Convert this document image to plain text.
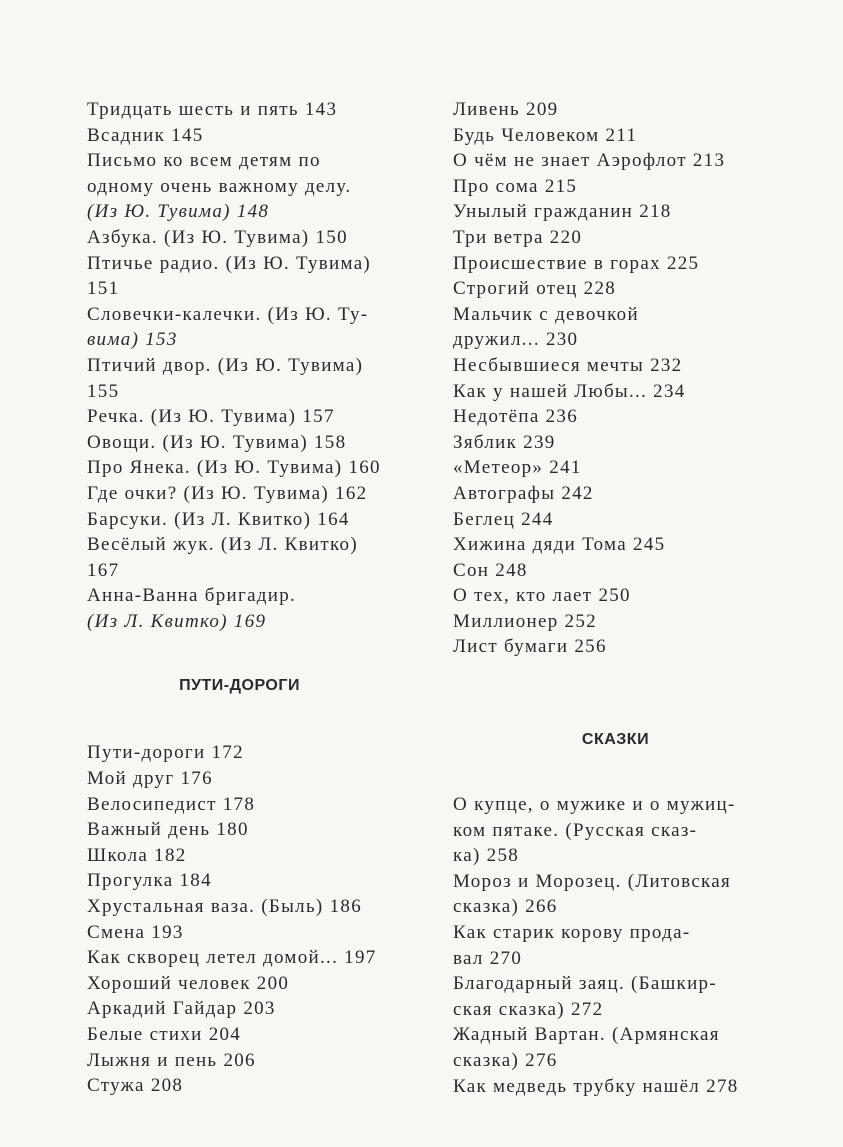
Тридцать шесть и пять 143
Всадник 145
Письмо ко всем детям по
одному очень важному делу.
(Из Ю. Тувима) 148
Азбука. (Из Ю. Тувима) 150
Птичье радио. (Из Ю. Тувима)
151
Словечки-калечки. (Из Ю. Ту-
вима) 153
Птичий двор. (Из Ю. Тувима)
155
Речка. (Из Ю. Тувима) 157
Овощи. (Из Ю. Тувима) 158
Про Янека. (Из Ю. Тувима) 160
Где очки? (Из Ю. Тувима) 162
Барсуки. (Из Л. Квитко) 164
Весёлый жук. (Из Л. Квитко)
167
Анна-Ванна бригадир.
(Из Л. Квитко) 169
ПУТИ-ДОРОГИ
Пути-дороги 172
Мой друг 176
Велосипедист 178
Важный день 180
Школа 182
Прогулка 184
Хрустальная ваза. (Быль) 186
Смена 193
Как скворец летел домой... 197
Хороший человек 200
Аркадий Гайдар 203
Белые стихи 204
Лыжня и пень 206
Стужа 208
Ливень 209
Будь Человеком 211
О чём не знает Аэрофлот 213
Про сома 215
Унылый гражданин 218
Три ветра 220
Происшествие в горах 225
Строгий отец 228
Мальчик с девочкой
дружил... 230
Несбывшиеся мечты 232
Как у нашей Любы... 234
Недотёпа 236
Зяблик 239
«Метеор» 241
Автографы 242
Беглец 244
Хижина дяди Тома 245
Сон 248
О тех, кто лает 250
Миллионер 252
Лист бумаги 256
СКАЗКИ
О купце, о мужике и о мужиц-
ком пятаке. (Русская сказ-
ка) 258
Мороз и Морозец. (Литовская
сказка) 266
Как старик корову прода-
вал 270
Благодарный заяц. (Башкир-
ская сказка) 272
Жадный Вартан. (Армянская
сказка) 276
Как медведь трубку нашёл 278
